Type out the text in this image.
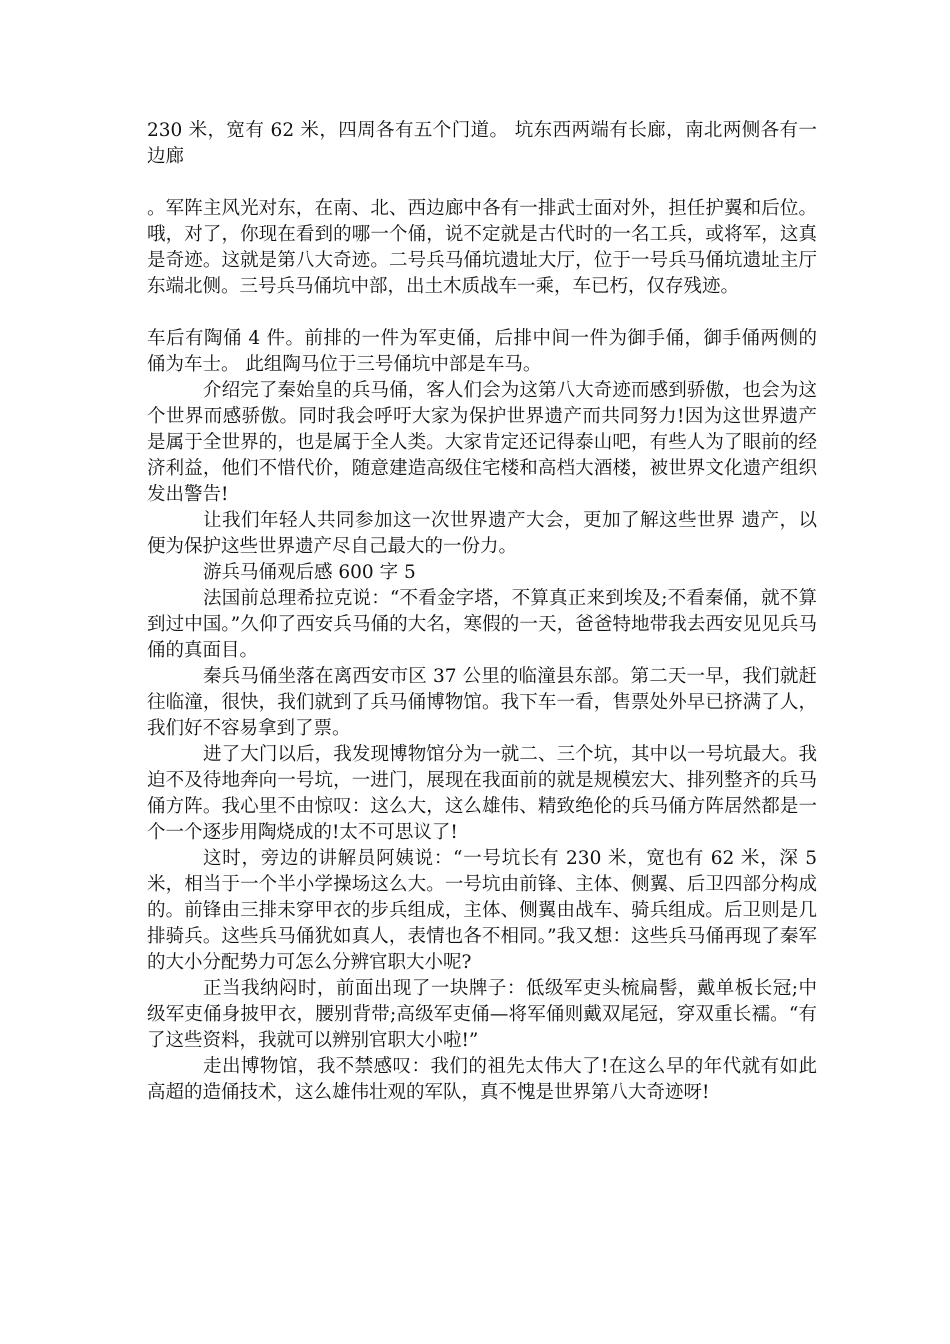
230 米，宽有 62 米，四周各有五个门道。 坑东西两端有长廊，南北两侧各有一边廊

。军阵主风光对东，在南、北、西边廊中各有一排武士面对外，担任护翼和后位。哦，对了，你现在看到的哪一个俑，说不定就是古代时的一名工兵，或将军，这真是奇迹。这就是第八大奇迹。二号兵马俑坑遗址大厅，位于一号兵马俑坑遗址主厅东端北侧。三号兵马俑坑中部，出土木质战车一乘，车已朽，仅存残迹。

车后有陶俑 4 件。前排的一件为军吏俑，后排中间一件为御手俑，御手俑两侧的俑为车士。 此组陶马位于三号俑坑中部是车马。

介绍完了秦始皇的兵马俑，客人们会为这第八大奇迹而感到骄傲，也会为这个世界而感骄傲。同时我会呼吁大家为保护世界遗产而共同努力!因为这世界遗产是属于全世界的，也是属于全人类。大家肯定还记得泰山吧，有些人为了眼前的经济利益，他们不惜代价，随意建造高级住宅楼和高档大酒楼，被世界文化遗产组织发出警告!

让我们年轻人共同参加这一次世界遗产大会，更加了解这些世界 遗产，以便为保护这些世界遗产尽自己最大的一份力。

游兵马俑观后感 600 字 5

法国前总理希拉克说：“不看金字塔，不算真正来到埃及;不看秦俑，就不算到过中国。”久仰了西安兵马俑的大名，寒假的一天，爸爸特地带我去西安见见兵马俑的真面目。

秦兵马俑坐落在离西安市区 37 公里的临潼县东部。第二天一早，我们就赶往临潼，很快，我们就到了兵马俑博物馆。我下车一看，售票处外早已挤满了人，我们好不容易拿到了票。

进了大门以后，我发现博物馆分为一就二、三个坑，其中以一号坑最大。我迫不及待地奔向一号坑，一进门，展现在我面前的就是规模宏大、排列整齐的兵马俑方阵。我心里不由惊叹：这么大，这么雄伟、精致绝伦的兵马俑方阵居然都是一个一个逐步用陶烧成的!太不可思议了!

这时，旁边的讲解员阿姨说：“一号坑长有 230 米，宽也有 62 米，深 5 米，相当于一个半小学操场这么大。一号坑由前锋、主体、侧翼、后卫四部分构成的。前锋由三排未穿甲衣的步兵组成，主体、侧翼由战车、骑兵组成。后卫则是几排骑兵。这些兵马俑犹如真人，表情也各不相同。”我又想：这些兵马俑再现了秦军的大小分配势力可怎么分辨官职大小呢?

正当我纳闷时，前面出现了一块牌子：低级军吏头梳扁髻，戴单板长冠;中级军吏俑身披甲衣，腰别背带;高级军吏俑—将军俑则戴双尾冠，穿双重长襦。“有了这些资料，我就可以辨别官职大小啦!”

走出博物馆，我不禁感叹：我们的祖先太伟大了!在这么早的年代就有如此高超的造俑技术，这么雄伟壮观的军队，真不愧是世界第八大奇迹呀!
